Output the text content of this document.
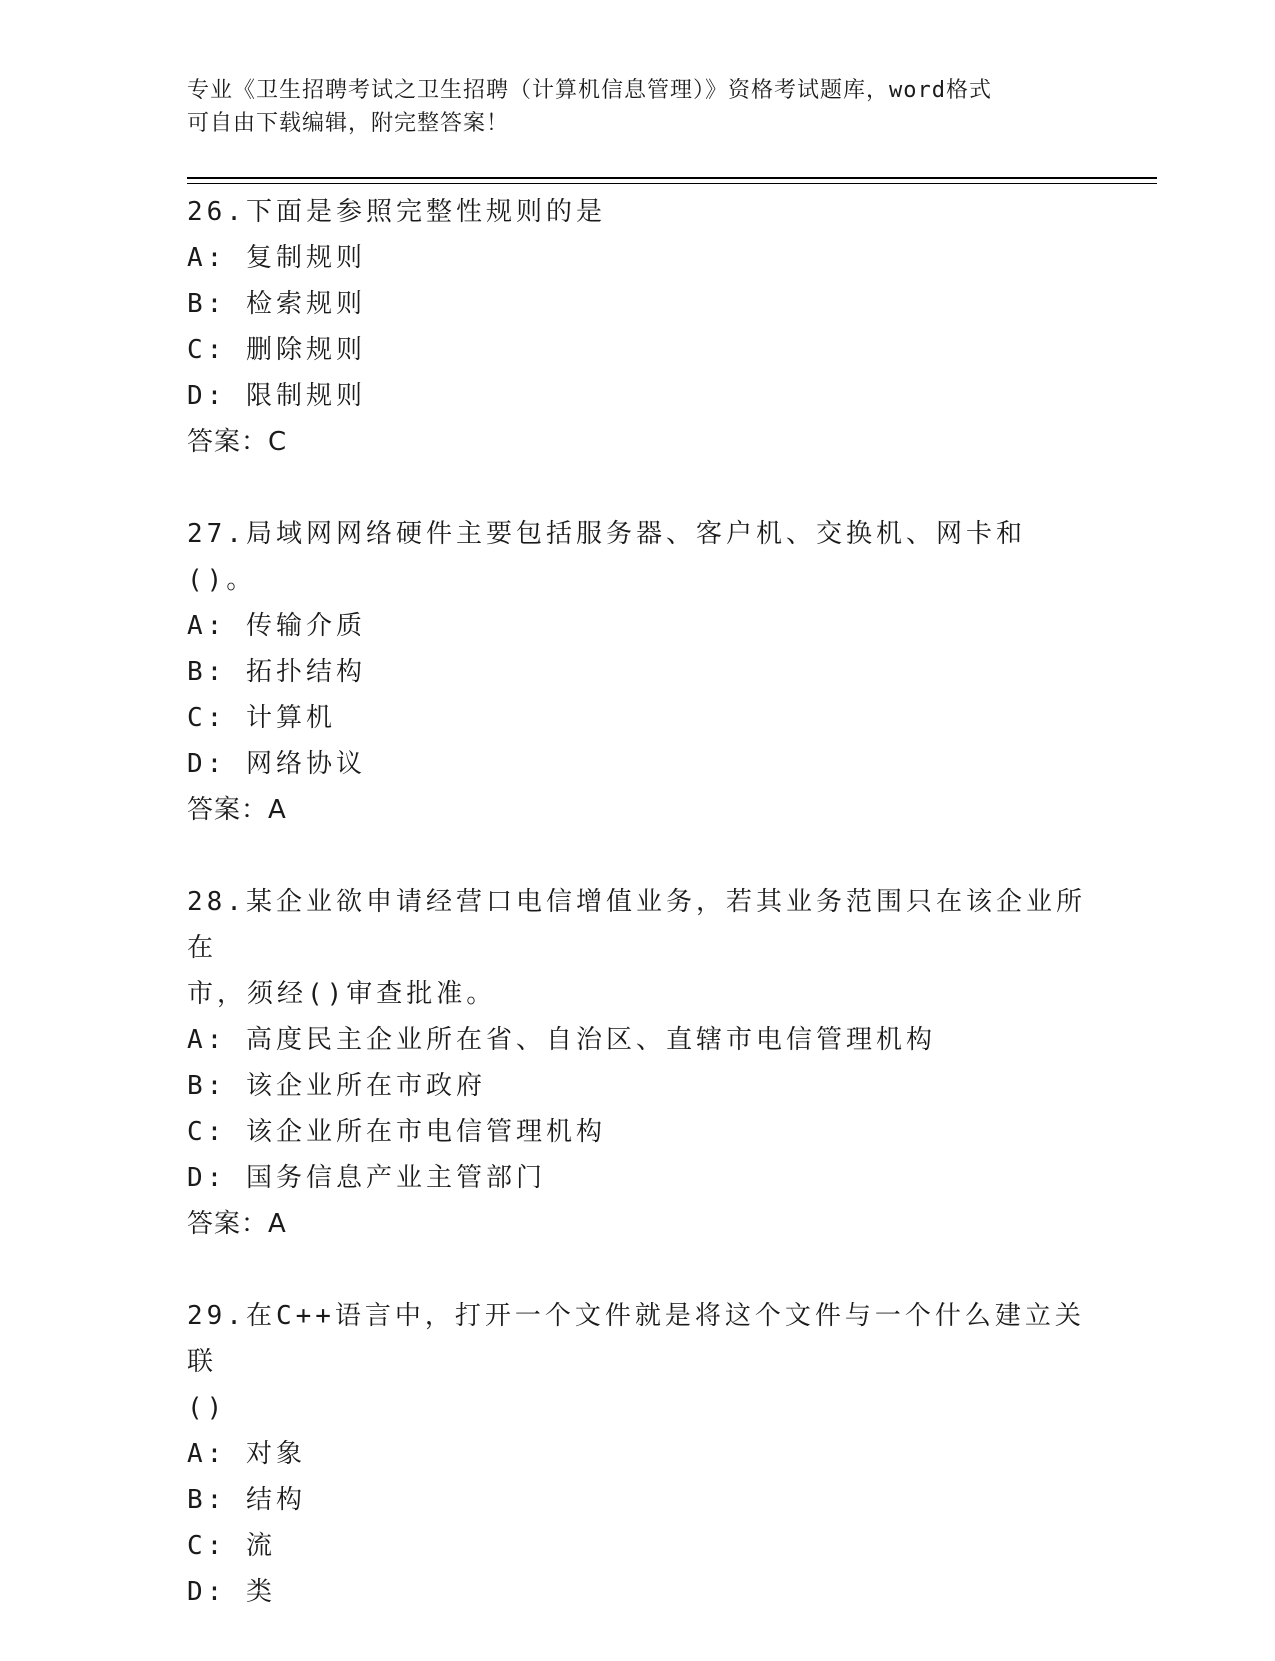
专业《卫生招聘考试之卫生招聘（计算机信息管理）》资格考试题库，word格式
可自由下载编辑，附完整答案！
26.下面是参照完整性规则的是
A: 复制规则
B: 检索规则
C: 删除规则
D: 限制规则
答案：C
27.局域网网络硬件主要包括服务器、客户机、交换机、网卡和()。
A: 传输介质
B: 拓扑结构
C: 计算机
D: 网络协议
答案：A
28.某企业欲申请经营口电信增值业务，若其业务范围只在该企业所在
市，须经()审查批准。
A: 高度民主企业所在省、自治区、直辖市电信管理机构
B: 该企业所在市政府
C: 该企业所在市电信管理机构
D: 国务信息产业主管部门
答案：A
29.在C++语言中，打开一个文件就是将这个文件与一个什么建立关联
()
A: 对象
B: 结构
C: 流
D: 类
